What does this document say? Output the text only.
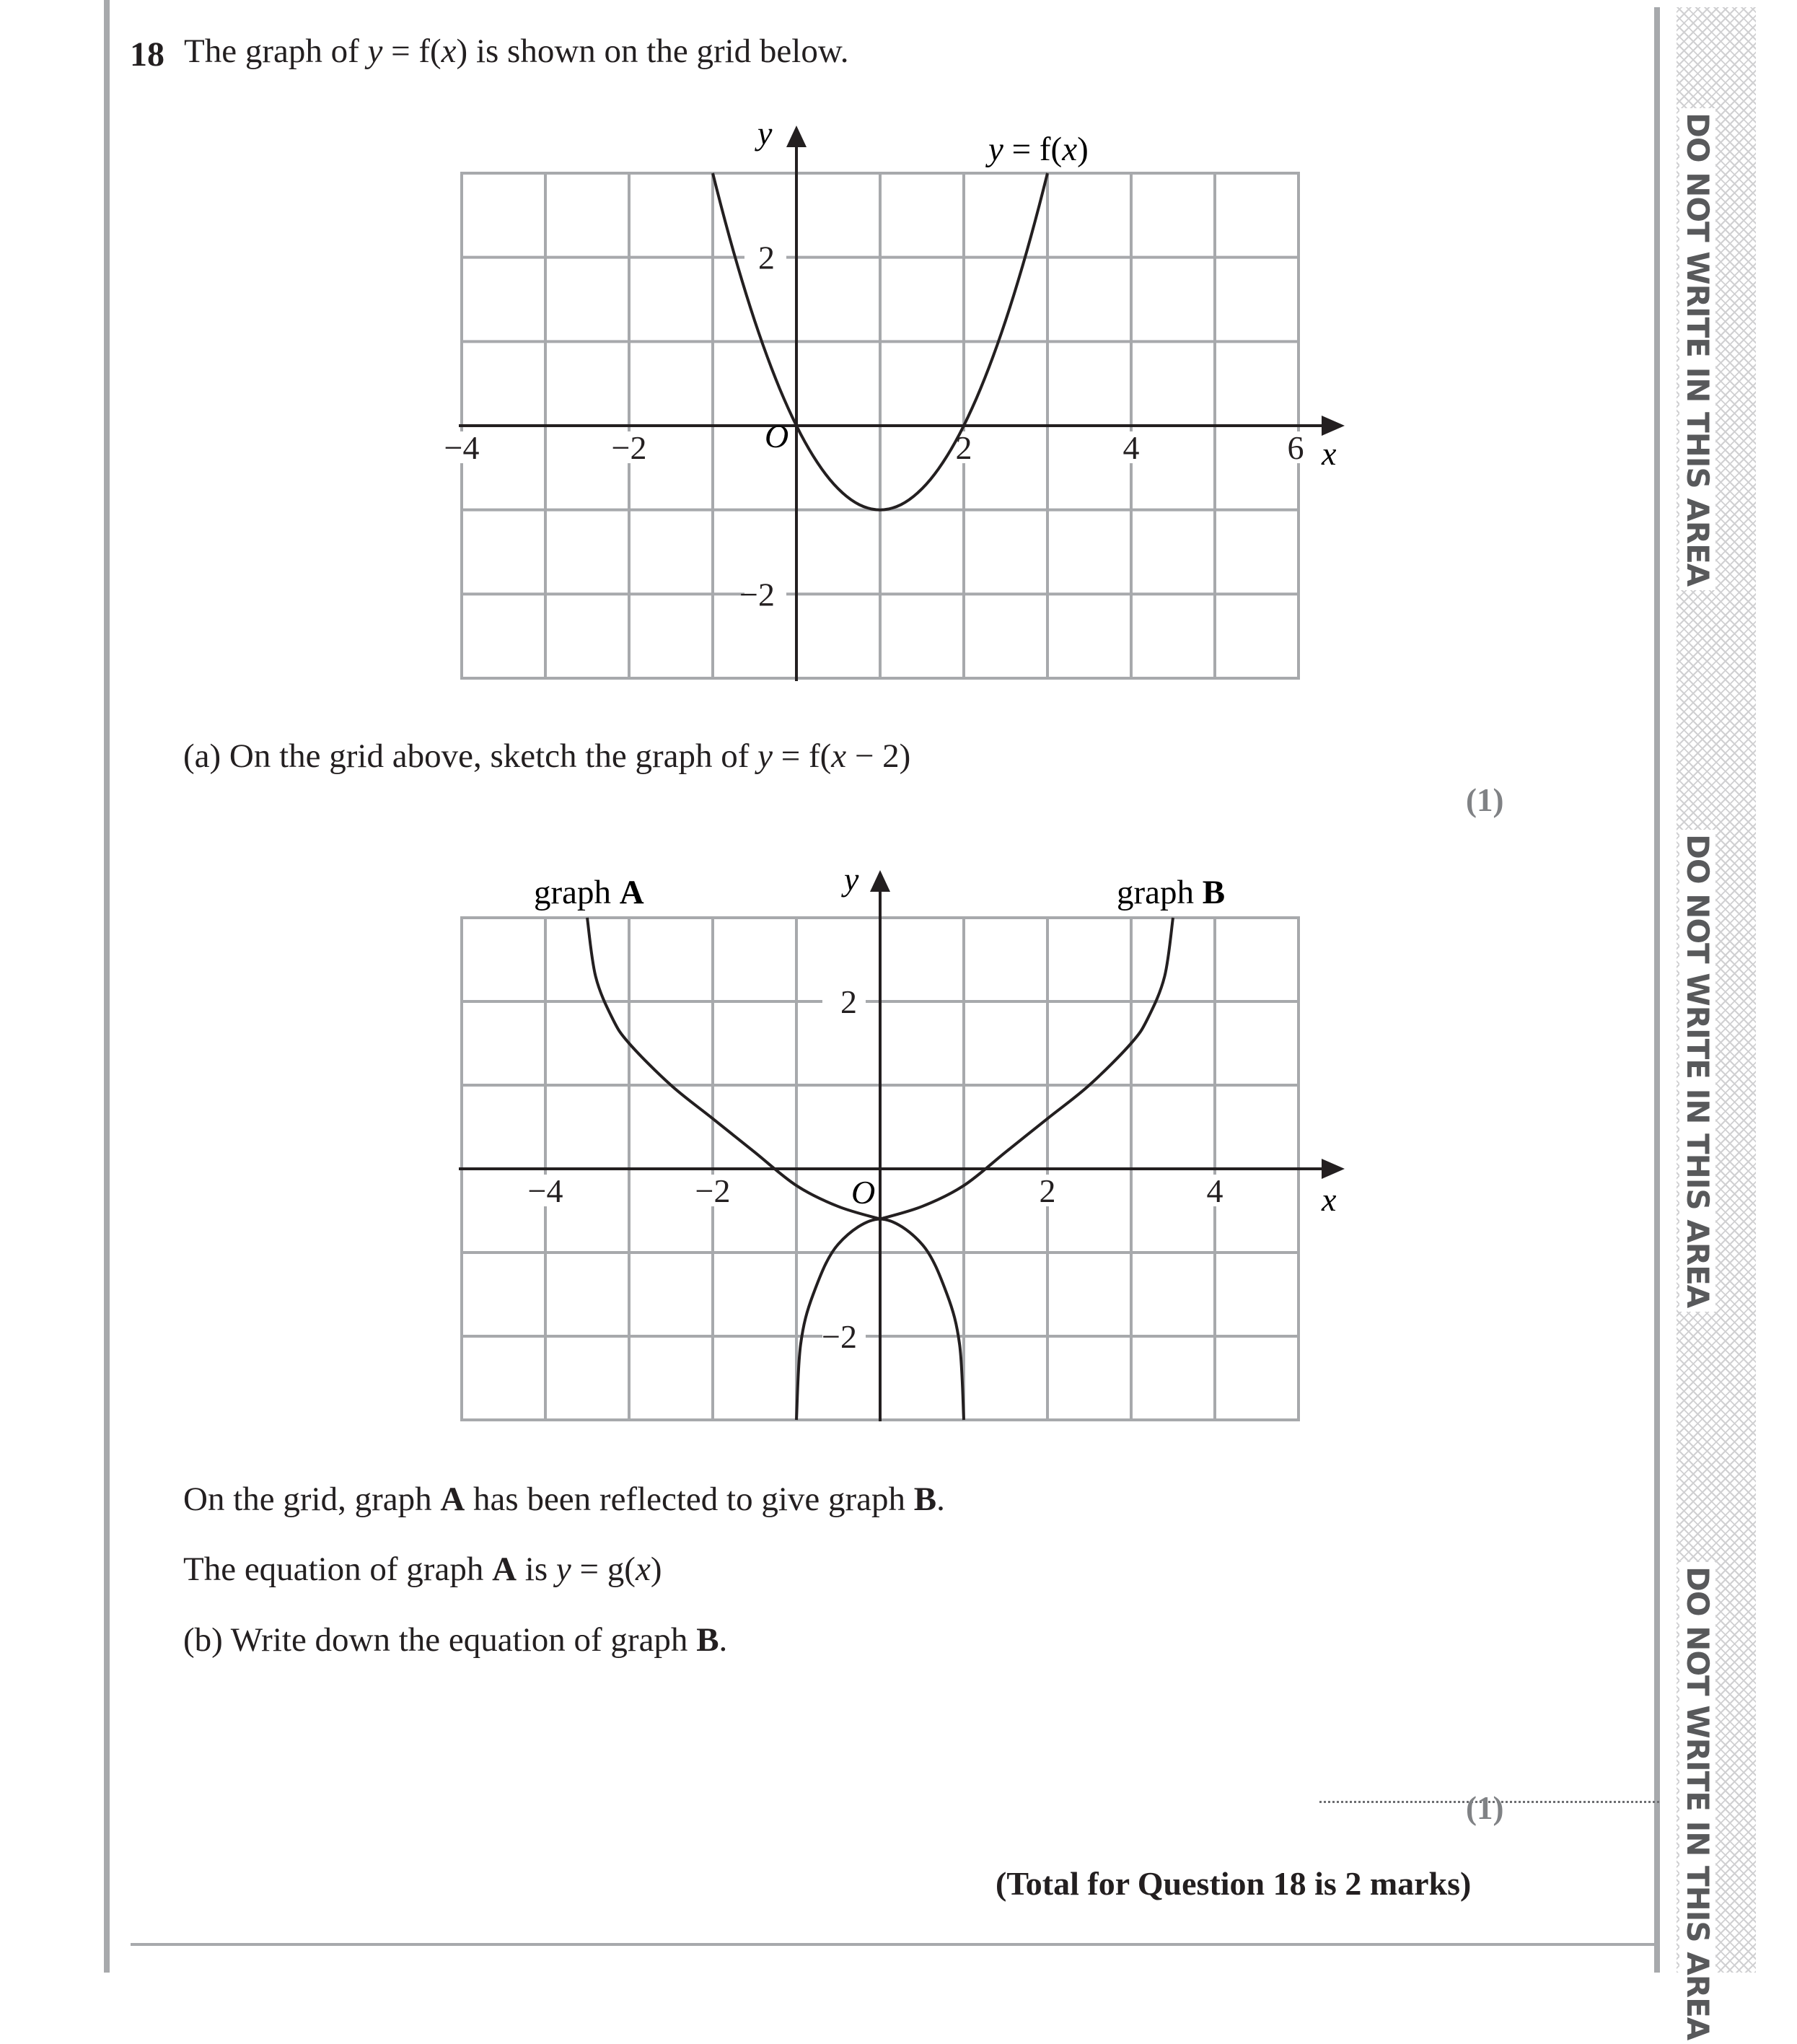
DO NOT WRITE IN THIS AREA
DO NOT WRITE IN THIS AREA
DO NOT WRITE IN THIS AREA
18 The graph of y = f(x) is shown on the grid below.
−4	−2	2	4	6
2
−2
O	x
y	y = f(x)
(a) On the grid above, sketch the graph of y = f(x − 2)
(1)
−4	−2	2	4
2
−2
O	x
y
graph A	graph B
On the grid, graph A has been reflected to give graph B.
The equation of graph A is y = g(x)
(b) Write down the equation of graph B.
(1)
(Total for Question 18 is 2 marks)
